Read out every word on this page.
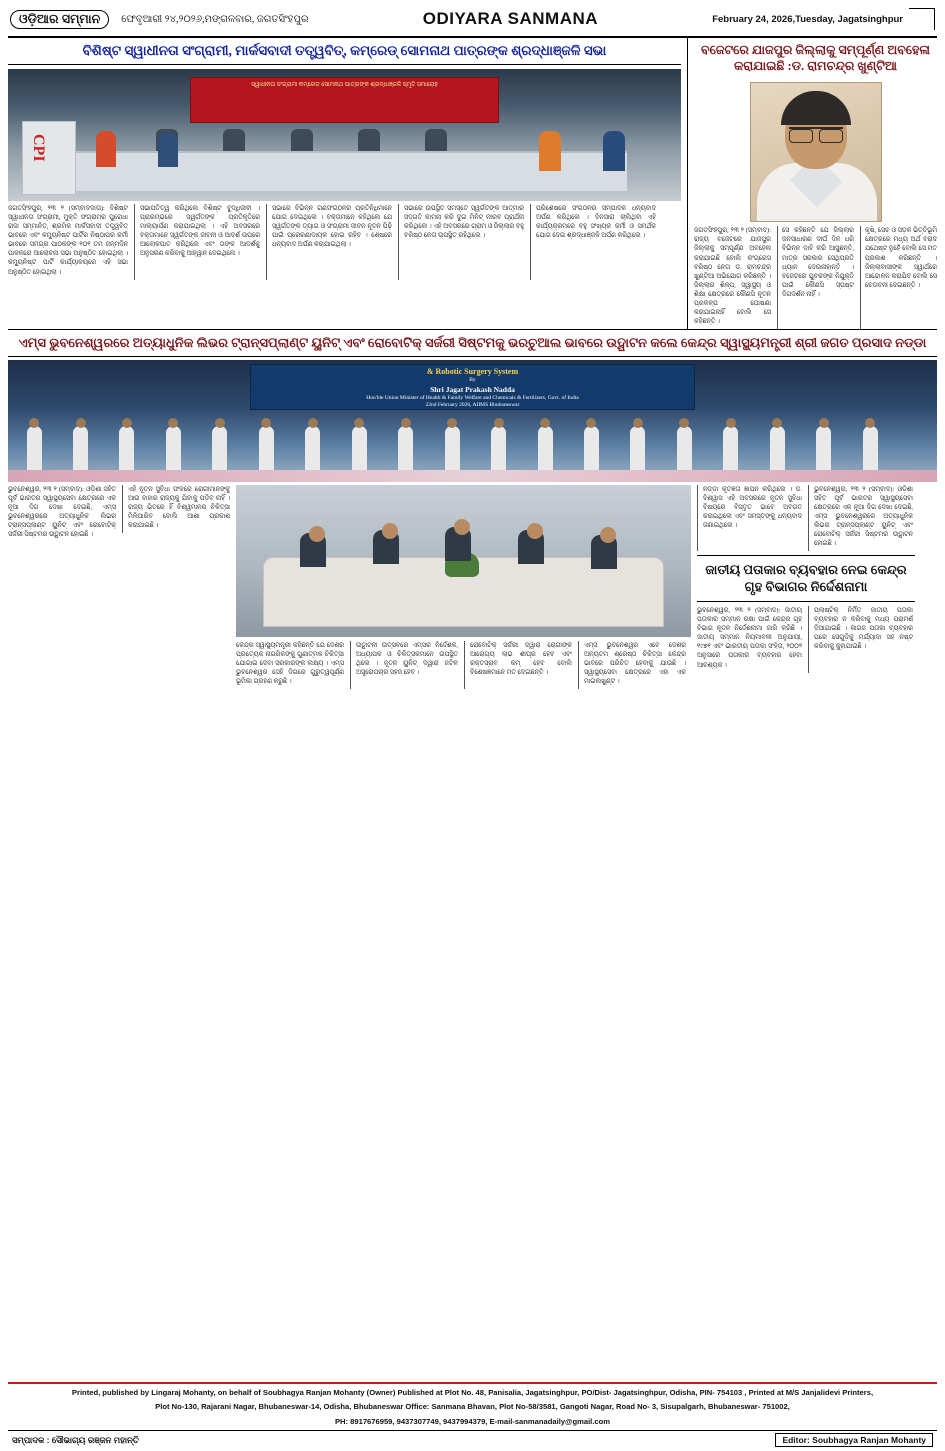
ଓଡ଼ିଆର ସମ୍ମାନ	ଫେବୃଆରୀ ୨୪,୨୦୨୬,ମଙ୍ଗଳବାର, ଜଗତସିଂହପୁର	ODIYARA SANMANA	February 24, 2026,Tuesday, Jagatsinghpur
ବିଶିଷ୍ଟ ସ୍ୱାଧୀନତା ସଂଗ୍ରାମୀ, ମାର୍କସବାଦୀ ତତ୍ତ୍ୱବିତ୍, କମ୍ରେଡ୍ ସୋମନାଥ ପାତ୍ରଙ୍କ ଶ୍ରଦ୍ଧାଞ୍ଜଳି ସଭା
ସ୍ୱାଧୀନତା ସଂଗ୍ରାମୀ କମ୍ରେଡ ସୋମନାଥ ପାତ୍ରଙ୍କ ଶ୍ରଦ୍ଧାଞ୍ଜଳି ସ୍ମୃତି ସମାରୋହ
CPI

ଜଗତସିଂହପୁର, ୨୩ ୨ (ସମ୍ବାଦଦାତା): ବିଶିଷ୍ଟ ସ୍ୱାଧୀନତା ସଂଗ୍ରାମୀ, ମୁକ୍ତି ସଂଗ୍ରାମର ପୁରୋଧା ରାଜା ସମ୍ମାନିତ, ଶ୍ରମିକ ମାର୍କସବାଦୀ ତତ୍ତ୍ୱବିତ୍ ଭାବରେ ଏବଂ କମ୍ୟୁନିଷ୍ଟ ପାର୍ଟିର ନିଷ୍ଠାପର କର୍ମୀ ଭାବରେ ସମଗ୍ର ପାଠକଙ୍କ ୧୦୧ ତମ ଜନ୍ମଦିନ ପାଳନରେ ଆଲୋଚନା ସଭା ଅନୁଷ୍ଠିତ ହୋଇଥିଲା । କମ୍ୟୁନିଷ୍ଟ ପାର୍ଟି କାର୍ଯ୍ୟାଳୟରେ ଏହି ସଭା ଅନୁଷ୍ଠିତ ହୋଇଥିଲା ।

ସଭାପତିତ୍ୱ କରିଥିଲେ ବିଶିଷ୍ଟ ବୁଦ୍ଧିଜୀବୀ । ପ୍ରାରମ୍ଭରେ ସ୍ୱର୍ଗତଙ୍କ ପ୍ରତିକୃତିରେ ମାଲ୍ୟାର୍ପଣ କରାଯାଇଥିଲା । ଏହି ଅବସରରେ ବକ୍ତାମାନେ ସ୍ୱର୍ଗତଙ୍କ ଜୀବନୀ ଓ ଆଦର୍ଶ ଉପରେ ଆଲୋକପାତ କରିଥିଲେ ଏବଂ ତାଙ୍କ ଆଦର୍ଶକୁ ଅନୁସରଣ କରିବାକୁ ଆହ୍ୱାନ ଦେଇଥିଲେ ।

ସଭାରେ ବିଭିନ୍ନ ଗଣସଂଗଠନର ପ୍ରତିନିଧିମାନେ ଯୋଗ ଦେଇଥିଲେ । ବକ୍ତାମାନେ କହିଥିଲେ ଯେ ସ୍ୱର୍ଗତଙ୍କ ତ୍ୟାଗ ଓ ସଂଗ୍ରାମୀ ଜୀବନ ନୂତନ ପିଢ଼ି ପାଇଁ ପ୍ରେରଣାଦାୟକ ହୋଇ ରହିବ । ଶେଷରେ ଧନ୍ୟବାଦ ଅର୍ପଣ କରାଯାଇଥିଲା ।

ସଭାରେ ଉପସ୍ଥିତ ସମସ୍ତେ ସ୍ୱର୍ଗତଙ୍କ ଆତ୍ମାର ସଦ୍‌ଗତି କାମନା କରି ଦୁଇ ମିନିଟ୍ ନୀରବ ପ୍ରାର୍ଥନା କରିଥିଲେ । ଏହି ଅବସରରେ ଗ୍ରାମ ଓ ଜିଲ୍ଲାର ବହୁ ବରିଷ୍ଠ ନେତା ଉପସ୍ଥିତ ରହିଥିଲେ ।

ପରିଶେଷରେ ସଂଗଠନର ସମ୍ପାଦକ ଧନ୍ୟବାଦ ଅର୍ପଣ କରିଥିଲେ । ଦିନସାରା ଚାଲିଥିବା ଏହି କାର୍ଯ୍ୟକ୍ରମରେ ବହୁ ସଂଖ୍ୟକ କର୍ମୀ ଓ ସମର୍ଥକ ଯୋଗ ଦେଇ ଶ୍ରଦ୍ଧାଞ୍ଜଳି ଅର୍ପଣ କରିଥିଲେ ।

ବଜେଟରେ ଯାଜପୁର ଜିଲ୍ଲାକୁ ସମ୍ପୂର୍ଣ୍ଣ ଅବହେଳା କରାଯାଇଛି :ଡ. ରାମଚନ୍ଦ୍ର ଖୁଣ୍ଟିଆ

ଜଗତସିଂହପୁର, ୨୩ ୨ (ସମ୍ବାଦ): ରାଜ୍ୟ ବଜେଟରେ ଯାଜପୁର ଜିଲ୍ଲାକୁ ସମ୍ପୂର୍ଣ୍ଣ ଅବହେଳା କରାଯାଇଛି ବୋଲି କଂଗ୍ରେସ ବରିଷ୍ଠ ନେତା ଡ. ରାମଚନ୍ଦ୍ର ଖୁଣ୍ଟିଆ ଅଭିଯୋଗ କରିଛନ୍ତି । ଜିଲ୍ଲାର ଶିଳ୍ପ, ସ୍ୱାସ୍ଥ୍ୟ ଓ ଶିକ୍ଷା କ୍ଷେତ୍ରରେ କୌଣସି ନୂତନ ପ୍ରକଳ୍ପ ଘୋଷଣା କରାଯାଇନାହିଁ ବୋଲି ସେ କହିଛନ୍ତି ।

ସେ କହିଛନ୍ତି ଯେ ଜିଲ୍ଲାର ଜନସାଧାରଣ ଦୀର୍ଘ ଦିନ ଧରି ବିଭିନ୍ନ ଦାବି କରି ଆସୁଛନ୍ତି, ମାତ୍ର ସରକାର ସେଥିପ୍ରତି ଧ୍ୟାନ ଦେଉନାହାନ୍ତି । ବଜେଟରେ ଯୁବକଙ୍କ ନିଯୁକ୍ତି ପାଇଁ କୌଣସି ସ୍ପଷ୍ଟ ଦିଗଦର୍ଶନ ନାହିଁ ।

କୃଷି, ସେଚ ଓ ସଡ଼କ ଭିତ୍ତିଭୂମି କ୍ଷେତ୍ରରେ ମଧ୍ୟ ଅର୍ଥ ବରାଦ ଯଥେଷ୍ଟ ନୁହେଁ ବୋଲି ସେ ମତ ପ୍ରକାଶ କରିଛନ୍ତି । ଜିଲ୍ଲାବାସୀଙ୍କ ସ୍ୱାର୍ଥରେ ଆନ୍ଦୋଳନ କରାଯିବ ବୋଲି ସେ ଚେତାବନୀ ଦେଇଛନ୍ତି ।

ଏମ୍ସ ଭୁବନେଶ୍ୱରରେ ଅତ୍ୟାଧୁନିକ ଲିଭର ଟ୍ରାନ୍ସପ୍ଲାଣ୍ଟ ୟୁନିଟ୍ ଏବଂ ରୋବୋଟିକ୍ ସର୍ଜରୀ ସିଷ୍ଟମକୁ ଭରଚୁଆଲ ଭାବରେ ଉଦ୍ଘାଟନ କଲେ କେନ୍ଦ୍ର ସ୍ୱାସ୍ଥ୍ୟମନ୍ତ୍ରୀ ଶ୍ରୀ ଜଗତ ପ୍ରସାଦ ନଡ୍ଡା
& Robotic Surgery System
By
Shri Jagat Prakash Nadda
Hon'ble Union Minister of Health & Family Welfare and Chemicals & Fertilizers, Govt. of India
22nd February 2026, AIIMS Bhubaneswar

ଭୁବନେଶ୍ୱର, ୨୩ ୨ (ସମ୍ବାଦ): ଓଡ଼ିଶା ସହିତ ପୂର୍ବ ଭାରତର ସ୍ୱାସ୍ଥ୍ୟସେବା କ୍ଷେତ୍ରରେ ଏକ ନୂଆ ଦିଗ ଦେଖା ଦେଇଛି, ଏମ୍ସ ଭୁବନେଶ୍ୱରରେ ଅତ୍ୟାଧୁନିକ ଲିଭର ଟ୍ରାନ୍ସପ୍ଲାଣ୍ଟ ୟୁନିଟ୍ ଏବଂ ରୋବୋଟିକ୍ ସର୍ଜରୀ ସିଷ୍ଟମର ଉଦ୍ଘାଟନ ହୋଇଛି ।

ଏହି ନୂତନ ସୁବିଧା ଫଳରେ ରୋଗୀମାନଙ୍କୁ ଆଉ ବାହାର ରାଜ୍ୟକୁ ଯିବାକୁ ପଡ଼ିବ ନାହିଁ । ରାଜ୍ୟ ଭିତରେ ହିଁ ବିଶ୍ୱମାନର ଚିକିତ୍ସା ମିଳିପାରିବ ବୋଲି ଆଶା ପ୍ରକାଶ କରାଯାଇଛି ।

କେନ୍ଦ୍ର ସ୍ୱାସ୍ଥ୍ୟମନ୍ତ୍ରୀ କହିଛନ୍ତି ଯେ ଦେଶର ପ୍ରତ୍ୟେକ ନାଗରିକଙ୍କୁ ଗୁଣାତ୍ମକ ଚିକିତ୍ସା ଯୋଗାଇ ଦେବା ସରକାରଙ୍କ ଲକ୍ଷ୍ୟ । ଏମ୍ସ ଭୁବନେଶ୍ୱର ସେହି ଦିଗରେ ଗୁରୁତ୍ୱପୂର୍ଣ୍ଣ ଭୂମିକା ଗ୍ରହଣ କରୁଛି ।

ଉଦ୍ଘାଟନୀ ଉତ୍ସବରେ ଏମ୍ସର ନିର୍ଦ୍ଦେଶକ, ଅଧ୍ୟାପକ ଓ ଚିକିତ୍ସକମାନେ ଉପସ୍ଥିତ ଥିଲେ । ନୂତନ ୟୁନିଟ୍ ଦ୍ୱାରା ଜଟିଳ ଅସ୍ତ୍ରୋପଚାର ସହଜ ହେବ ।

ରୋବୋଟିକ୍ ସର୍ଜରୀ ଦ୍ୱାରା ରୋଗୀଙ୍କ ଆରୋଗ୍ୟ ଲାଭ ଶୀଘ୍ର ହେବ ଏବଂ ରକ୍ତସ୍ରାବ କମ୍ ହେବ ବୋଲି ବିଶେଷଜ୍ଞମାନେ ମତ ଦେଇଛନ୍ତି ।

ଏମ୍ସ ଭୁବନେଶ୍ୱର ଏବେ ଦେଶର ଅନ୍ୟତମ ଶ୍ରେଷ୍ଠ ଚିକିତ୍ସା କେନ୍ଦ୍ର ଭାବରେ ପରିଚିତ ହେବାକୁ ଯାଉଛି । ସ୍ୱାସ୍ଥ୍ୟସେବା କ୍ଷେତ୍ରରେ ଏହା ଏକ ମାଇଲଖୁଣ୍ଟ ।

ନଡ୍ଡା କୃତଜ୍ଞତା ଜ୍ଞାପନ କରିଥିଲେ । ଡ. ବିଶ୍ୱାସ ଏହି ଅବସରରେ ନୂତନ ସୁବିଧା ବିଷୟରେ ବିସ୍ତୃତ ଭାବେ ଅବଗତ କରାଇଥିଲେ ଏବଂ ସମସ୍ତଙ୍କୁ ଧନ୍ୟବାଦ ଜଣାଇଥିଲେ ।

ଭୁବନେଶ୍ୱର, ୨୩ ୨ (ସମ୍ବାଦ): ଓଡ଼ିଶା ସହିତ ପୂର୍ବ ଭାରତର ସ୍ୱାସ୍ଥ୍ୟସେବା କ୍ଷେତ୍ରରେ ଏକ ନୂଆ ଦିଗ ଦେଖା ଦେଇଛି, ଏମ୍ସ ଭୁବନେଶ୍ୱରରେ ଅତ୍ୟାଧୁନିକ ଲିଭର ଟ୍ରାନ୍ସପ୍ଲାଣ୍ଟ ୟୁନିଟ୍ ଏବଂ ରୋବୋଟିକ୍ ସର୍ଜରୀ ସିଷ୍ଟମର ଉଦ୍ଘାଟନ ହୋଇଛି ।

ଜାତୀୟ ପତାକାର ବ୍ୟବହାର ନେଇ କେନ୍ଦ୍ର ଗୃହ ବିଭାଗର ନିର୍ଦ୍ଦେଶନାମା

ଭୁବନେଶ୍ୱର, ୨୩ ୨ (ସମ୍ବାଦ): ଜାତୀୟ ପତାକାର ସମ୍ମାନ ରକ୍ଷା ପାଇଁ କେନ୍ଦ୍ର ଗୃହ ବିଭାଗ ନୂତନ ନିର୍ଦ୍ଦେଶନାମା ଜାରି କରିଛି । ଜାତୀୟ ସମ୍ମାନ ନିୟମାବଳୀ ଅନୁଯାୟୀ, ୧୯୭୧ ଏବଂ ଭାରତୀୟ ପତାକା ସଂହିତା, ୨୦୦୨ ଅନୁସାରେ ପତାକାର ବ୍ୟବହାର ହେବା ଆବଶ୍ୟକ ।

ପ୍ଲାଷ୍ଟିକ୍ ନିର୍ମିତ ଜାତୀୟ ପତାକା ବ୍ୟବହାର ନ କରିବାକୁ ମଧ୍ୟ ପରାମର୍ଶ ଦିଆଯାଇଛି । କାଗଜ ପତାକା ବ୍ୟବହାର ପରେ ସେଗୁଡ଼ିକୁ ମର୍ଯ୍ୟାଦା ସହ ନଷ୍ଟ କରିବାକୁ କୁହାଯାଇଛି ।

Printed, published by Lingaraj Mohanty, on behalf of Soubhagya Ranjan Mohanty (Owner) Published at Plot No. 48, Panisalia, Jagatsinghpur, PO/Dist- Jagatsinghpur, Odisha, PIN- 754103 , Printed at M/S Janjalidevi Printers,
Plot No-130, Rajarani Nagar, Bhubaneswar-14, Odisha, Bhubaneswar Office: Sanmana Bhavan, Plot No-58/3581, Gangoti Nagar, Road No- 3, Sisupalgarh, Bhubaneswar- 751002,
PH: 8917676959, 9437307749, 9437994379, E-mail-sanmanadaily@gmail.com
ସମ୍ପାଦକ : ସୌଭାଗ୍ୟ ରଞ୍ଜନ ମହାନ୍ତି	Editor: Soubhagya Ranjan Mohanty
